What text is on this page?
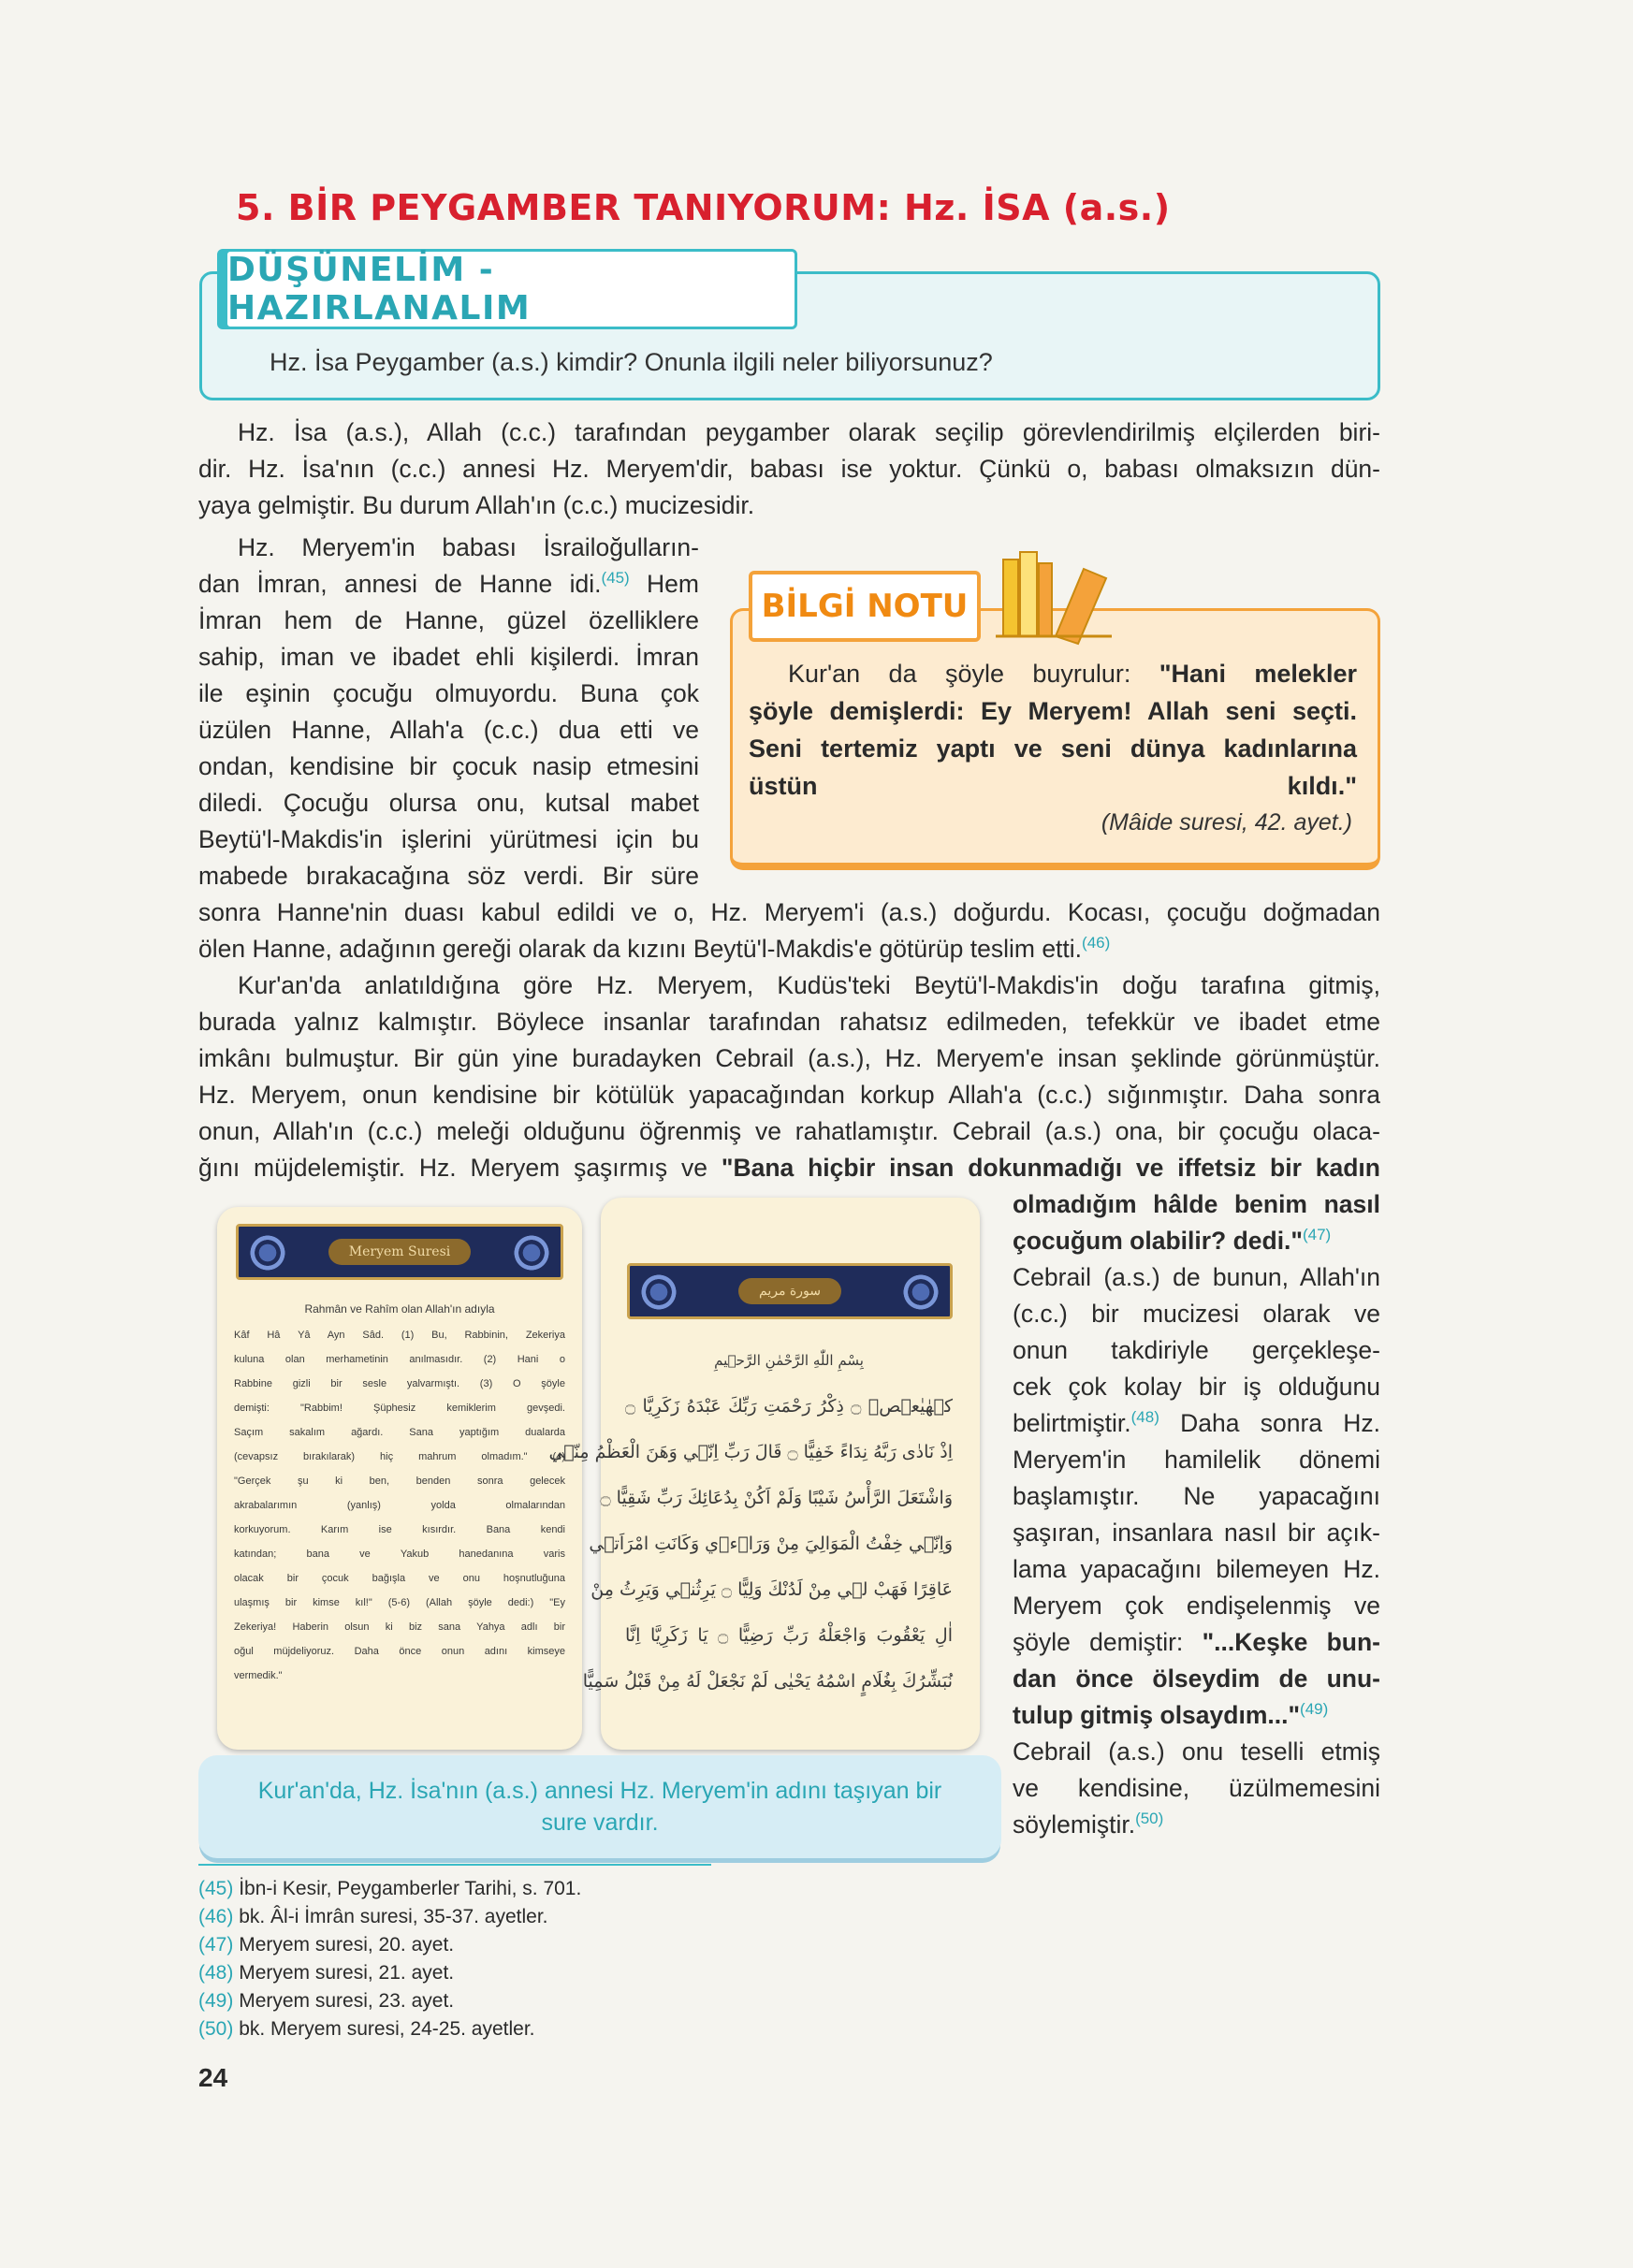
5. BİR PEYGAMBER TANIYORUM: Hz. İSA (a.s.)
DÜŞÜNELİM - HAZIRLANALIM
Hz. İsa Peygamber (a.s.) kimdir? Onunla ilgili neler biliyorsunuz?
Hz. İsa (a.s.), Allah (c.c.) tarafından peygamber olarak seçilip görevlendirilmiş elçilerden biri-
dir. Hz. İsa'nın (c.c.) annesi Hz. Meryem'dir, babası ise yoktur. Çünkü o, babası olmaksızın dün-
yaya gelmiştir. Bu durum Allah'ın (c.c.) mucizesidir.
Hz. Meryem'in babası İsrailoğulların-
dan İmran, annesi de Hanne idi.$^{(45)}$ Hem
İmran hem de Hanne, güzel özelliklere
sahip, iman ve ibadet ehli kişilerdi. İmran
ile eşinin çocuğu olmuyordu. Buna çok
üzülen Hanne, Allah'a (c.c.) dua etti ve
ondan, kendisine bir çocuk nasip etmesini
diledi. Çocuğu olursa onu, kutsal mabet
Beytü'l-Makdis'in işlerini yürütmesi için bu
mabede bırakacağına söz verdi. Bir süre
sonra Hanne'nin duası kabul edildi ve o, Hz. Meryem'i (a.s.) doğurdu. Kocası, çocuğu doğmadan
ölen Hanne, adağının gereği olarak da kızını Beytü'l-Makdis'e götürüp teslim etti.$^{(46)}$
BİLGİ NOTU
Kur'an da şöyle buyrulur: "Hani melekler
şöyle demişlerdi: Ey Meryem! Allah seni seçti.
Seni tertemiz yaptı ve seni dünya kadınlarına
üstün kıldı."
(Mâide suresi, 42. ayet.)
Kur'an'da anlatıldığına göre Hz. Meryem, Kudüs'teki Beytü'l-Makdis'in doğu tarafına gitmiş,
burada yalnız kalmıştır. Böylece insanlar tarafından rahatsız edilmeden, tefekkür ve ibadet etme
imkânı bulmuştur. Bir gün yine buradayken Cebrail (a.s.), Hz. Meryem'e insan şeklinde görünmüştür.
Hz. Meryem, onun kendisine bir kötülük yapacağından korkup Allah'a (c.c.) sığınmıştır. Daha sonra
onun, Allah'ın (c.c.) meleği olduğunu öğrenmiş ve rahatlamıştır. Cebrail (a.s.) ona, bir çocuğu olaca-
ğını müjdelemiştir. Hz. Meryem şaşırmış ve "Bana hiçbir insan dokunmadığı ve iffetsiz bir kadın
olmadığım hâlde benim nasıl
çocuğum olabilir? dedi."$^{(47)}$
Cebrail (a.s.) de bunun, Allah'ın
(c.c.) bir mucizesi olarak ve
onun takdiriyle gerçekleşe-
cek çok kolay bir iş olduğunu
belirtmiştir.$^{(48)}$ Daha sonra Hz.
Meryem'in hamilelik dönemi
başlamıştır. Ne yapacağını
şaşıran, insanlara nasıl bir açık-
lama yapacağını bilemeyen Hz.
Meryem çok endişelenmiş ve
şöyle demiştir: "...Keşke bun-
dan önce ölseydim de unu-
tulup gitmiş olsaydım..."$^{(49)}$
Cebrail (a.s.) onu teselli etmiş
ve kendisine, üzülmemesini
söylemiştir.$^{(50)}$
Meryem Suresi
Rahmân ve Rahîm olan Allah'ın adıyla
Kâf Hâ Yâ Ayn Sâd. (1) Bu, Rabbinin, Zekeriya
kuluna olan merhametinin anılmasıdır. (2) Hani o
Rabbine gizli bir sesle yalvarmıştı. (3) O şöyle
demişti: "Rabbim! Şüphesiz kemiklerim gevşedi.
Saçım sakalım ağardı. Sana yaptığım dualarda
(cevapsız bırakılarak) hiç mahrum olmadım." (4)
"Gerçek şu ki ben, benden sonra gelecek
akrabalarımın (yanlış) yolda olmalarından
korkuyorum. Karım ise kısırdır. Bana kendi
katından; bana ve Yakub hanedanına varis
olacak bir çocuk bağışla ve onu hoşnutluğuna
ulaşmış bir kimse kıl!" (5-6) (Allah şöyle dedi:) "Ey
Zekeriya! Haberin olsun ki biz sana Yahya adlı bir
oğul müjdeliyoruz. Daha önce onun adını kimseye
vermedik."
سورة مريم
بِسْمِ اللّٰهِ الرَّحْمٰنِ الرَّح۪يمِ
كۤهٰيٰعۤصۤ ۝ ذِكْرُ رَحْمَتِ رَبِّكَ عَبْدَهُ زَكَرِيَّا ۝
اِذْ نَادٰى رَبَّهُ نِدَاءً خَفِيًّا ۝ قَالَ رَبِّ اِنّ۪ي وَهَنَ الْعَظْمُ مِنّ۪ي
وَاشْتَعَلَ الرَّأْسُ شَيْبًا وَلَمْ اَكُنْ بِدُعَائِكَ رَبِّ شَقِيًّا ۝
وَاِنّ۪ي خِفْتُ الْمَوَالِيَ مِنْ وَرَاۤء۪ي وَكَانَتِ امْرَاَت۪ي
عَاقِرًا فَهَبْ ل۪ي مِنْ لَدُنْكَ وَلِيًّا ۝ يَرِثُن۪ي وَيَرِثُ مِنْ
اٰلِ يَعْقُوبَ وَاجْعَلْهُ رَبِّ رَضِيًّا ۝ يَا زَكَرِيَّا اِنَّا
نُبَشِّرُكَ بِغُلَامٍ اسْمُهُ يَحْيٰى لَمْ نَجْعَلْ لَهُ مِنْ قَبْلُ سَمِيًّا
Kur'an'da, Hz. İsa'nın (a.s.) annesi Hz. Meryem'in adını taşıyan bir sure vardır.
(45) İbn-i Kesir, Peygamberler Tarihi, s. 701.
(46) bk. Âl-i İmrân suresi, 35-37. ayetler.
(47) Meryem suresi, 20. ayet.
(48) Meryem suresi, 21. ayet.
(49) Meryem suresi, 23. ayet.
(50) bk. Meryem suresi, 24-25. ayetler.
24
